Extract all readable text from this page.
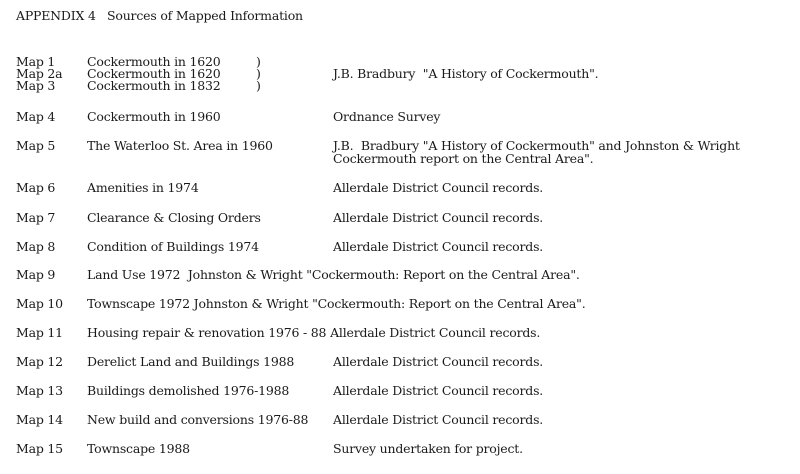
APPENDIX 4   Sources of Mapped Information
Map 1	Cockermouth in 1620	)
Map 2a Cockermouth in 1620	)	J.B. Bradbury  "A History of Cockermouth".
Map 3	Cockermouth in 1832	)
Map 4	Cockermouth in 1960	Ordnance Survey
Map 5	The Waterloo St. Area in 1960	J.B.  Bradbury "A History of Cockermouth" and Johnston & Wright
Cockermouth report on the Central Area".
Map 6	Amenities in 1974	Allerdale District Council records.
Map 7	Clearance & Closing Orders	Allerdale District Council records.
Map 8	Condition of Buildings 1974	Allerdale District Council records.
Map 9	Land Use 1972  Johnston & Wright "Cockermouth: Report on the Central Area".
Map 10 Townscape 1972 Johnston & Wright "Cockermouth: Report on the Central Area".
Map 11 Housing repair & renovation 1976 - 88 Allerdale District Council records.
Map 12 Derelict Land and Buildings 1988	Allerdale District Council records.
Map 13 Buildings demolished 1976-1988	Allerdale District Council records.
Map 14 New build and conversions 1976-88 Allerdale District Council records.
Map 15 Townscape 1988	Survey undertaken for project.
